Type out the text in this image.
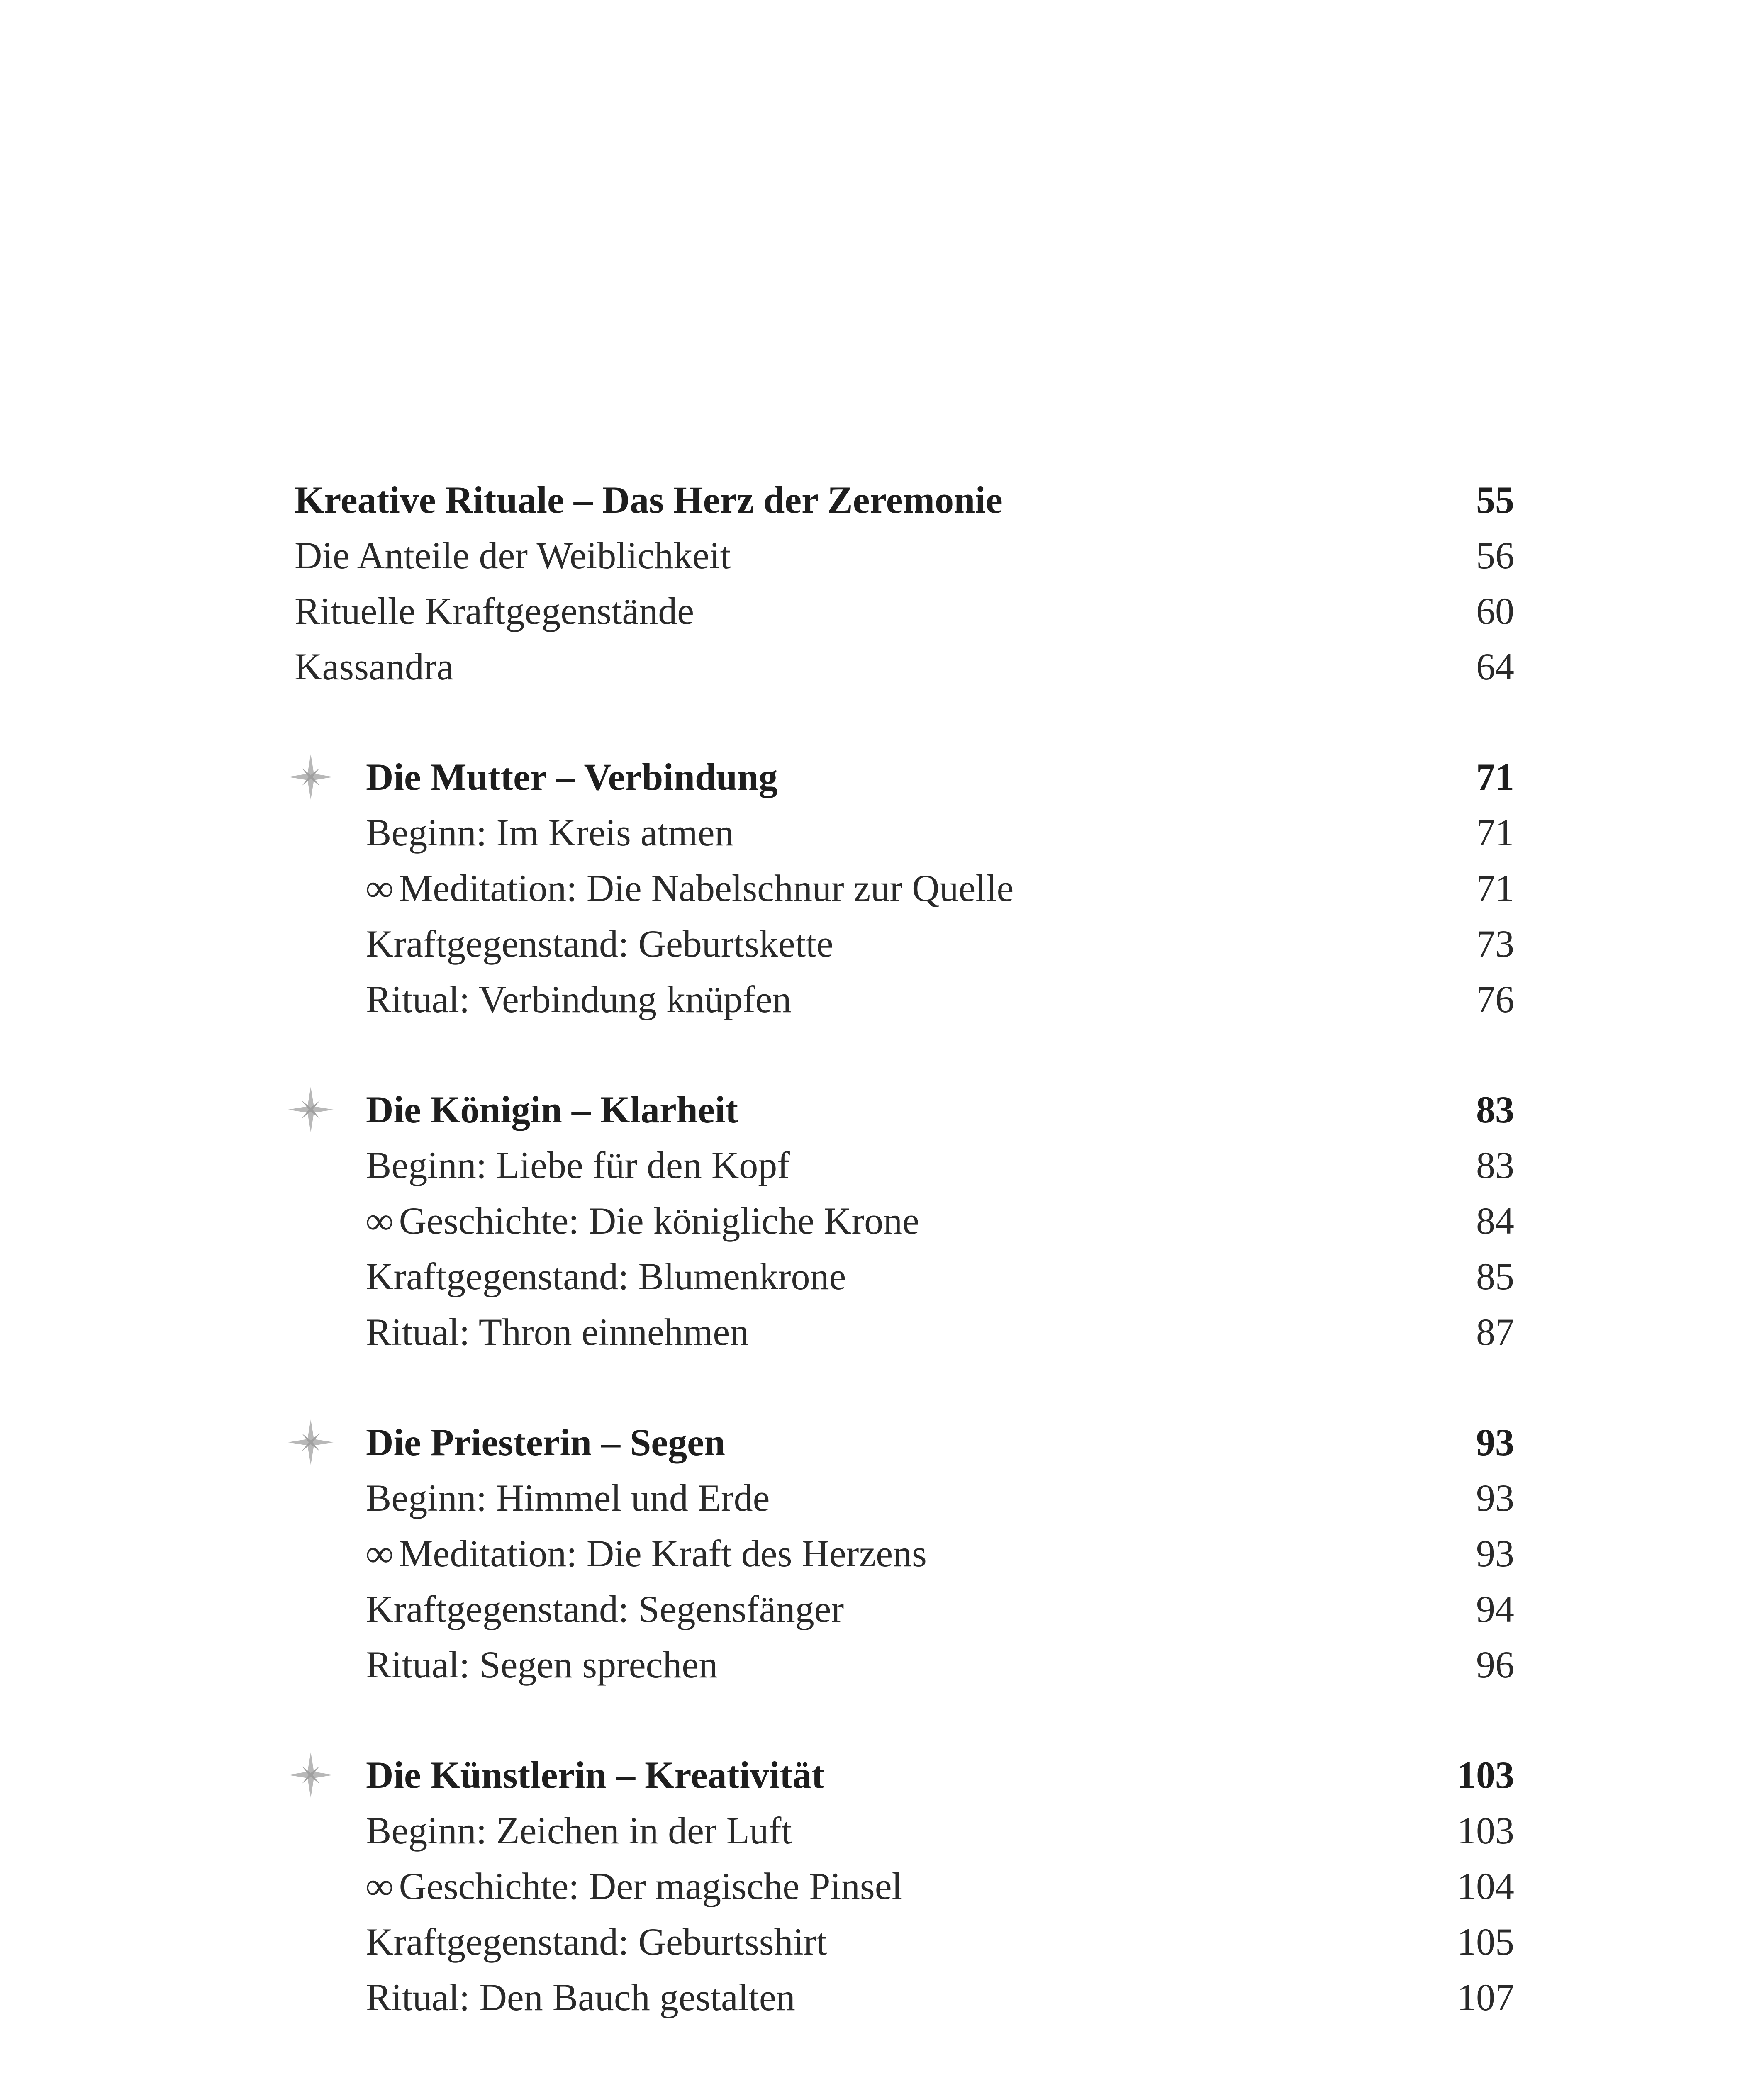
Kreative Rituale – Das Herz der Zeremonie	55
Die Anteile der Weiblichkeit	56
Rituelle Kraftgegenstände	60
Kassandra	64
Die Mutter – Verbindung	71
Beginn: Im Kreis atmen	71
∞ Meditation: Die Nabelschnur zur Quelle	71
Kraftgegenstand: Geburtskette	73
Ritual: Verbindung knüpfen	76
Die Königin – Klarheit	83
Beginn: Liebe für den Kopf	83
∞ Geschichte: Die königliche Krone	84
Kraftgegenstand: Blumenkrone	85
Ritual: Thron einnehmen	87
Die Priesterin – Segen	93
Beginn: Himmel und Erde	93
∞ Meditation: Die Kraft des Herzens	93
Kraftgegenstand: Segensfänger	94
Ritual: Segen sprechen	96
Die Künstlerin – Kreativität	103
Beginn: Zeichen in der Luft	103
∞ Geschichte: Der magische Pinsel	104
Kraftgegenstand: Geburtsshirt	105
Ritual: Den Bauch gestalten	107
